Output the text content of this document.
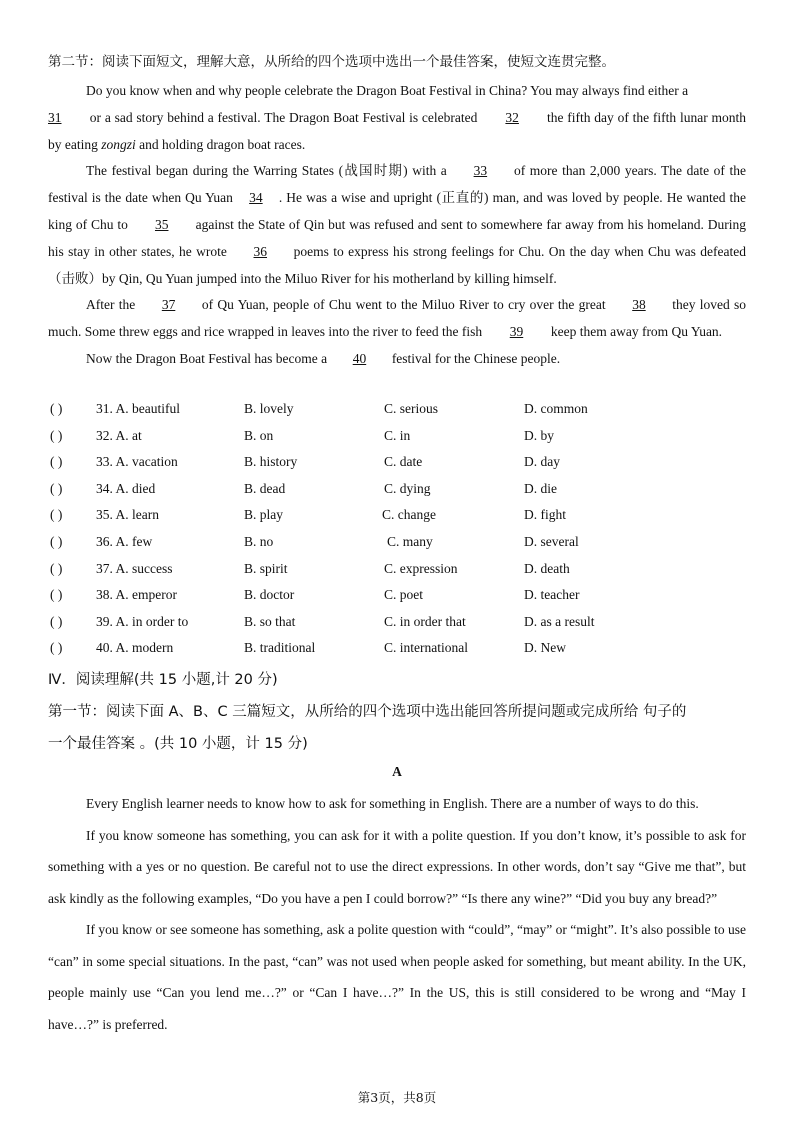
第二节：阅读下面短文，理解大意，从所给的四个选项中选出一个最佳答案，使短文连贯完整。

Do you know when and why people celebrate the Dragon Boat Festival in China? You may always find either a
31 or a sad story behind a festival. The Dragon Boat Festival is celebrated 32 the fifth day of the fifth lunar month by eating zongzi and holding dragon boat races.

The festival began during the Warring States (战国时期) with a 33 of more than 2,000 years. The date of the festival is the date when Qu Yuan 34 . He was a wise and upright (正直的) man, and was loved by people. He wanted the king of Chu to 35 against the State of Qin but was refused and sent to somewhere far away from his homeland. During his stay in other states, he wrote 36 poems to express his strong feelings for Chu. On the day when Chu was defeated（击败）by Qin, Qu Yuan jumped into the Miluo River for his motherland by killing himself.

After the 37 of Qu Yuan, people of Chu went to the Miluo River to cry over the great 38 they loved so much. Some threw eggs and rice wrapped in leaves into the river to feed the fish 39 keep them away from Qu Yuan.

Now the Dragon Boat Festival has become a 40 festival for the Chinese people.

( ) 31. A. beautiful	B. lovely	C. serious	D. common
( ) 32. A. at	B. on	C. in	D. by
( ) 33. A. vacation	B. history	C. date	D. day
( ) 34. A. died	B. dead	C. dying	D. die
( ) 35. A. learn	B. play	C. change	D. fight
( ) 36. A. few	B. no	C. many	D. several
( ) 37. A. success	B. spirit	C. expression	D. death
( ) 38. A. emperor	B. doctor	C. poet	D. teacher
( ) 39. A. in order to	B. so that	C. in order that	D. as a result
( ) 40. A. modern	B. traditional	C. international	D. New
Ⅳ．阅读理解(共 15 小题,计 20 分)
第一节：阅读下面 A、B、C 三篇短文，从所给的四个选项中选出能回答所提问题或完成所给 句子的
一个最佳答案 。(共 10 小题，计 15 分)
A

Every English learner needs to know how to ask for something in English. There are a number of ways to do this.

If you know someone has something, you can ask for it with a polite question. If you don’t know, it’s possible to ask for something with a yes or no question. Be careful not to use the direct expressions. In other words, don’t say “Give me that”, but ask kindly as the following examples, “Do you have a pen I could borrow?” “Is there any wine?” “Did you buy any bread?”

If you know or see someone has something, ask a polite question with “could”, “may” or “might”. It’s also possible to use “can” in some special situations. In the past, “can” was not used when people asked for something, but meant ability. In the UK, people mainly use “Can you lend me…?” or “Can I have…?” In the US, this is still considered to be wrong and “May I have…?” is preferred.

第3页，共8页
